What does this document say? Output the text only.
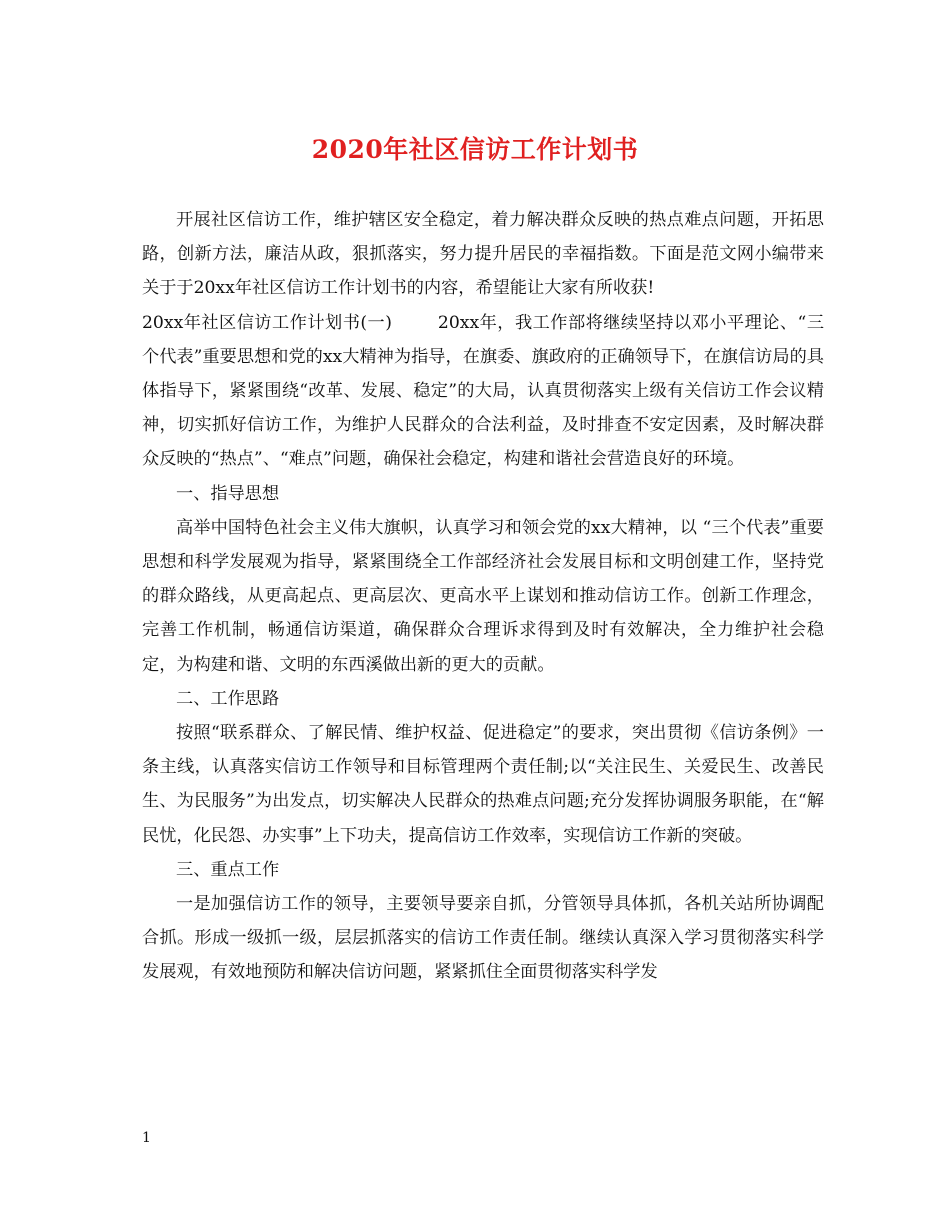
2020年社区信访工作计划书

开展社区信访工作，维护辖区安全稳定，着力解决群众反映的热点难点问题，开拓思路，创新方法，廉洁从政，狠抓落实，努力提升居民的幸福指数。下面是范文网小编带来关于于20xx年社区信访工作计划书的内容，希望能让大家有所收获!

20xx年社区信访工作计划书(一)	20xx年，我工作部将继续坚持以邓小平理论、“三个代表”重要思想和党的xx大精神为指导，在旗委、旗政府的正确领导下，在旗信访局的具体指导下，紧紧围绕“改革、发展、稳定”的大局，认真贯彻落实上级有关信访工作会议精神，切实抓好信访工作，为维护人民群众的合法利益，及时排查不安定因素，及时解决群众反映的“热点”、“难点”问题，确保社会稳定，构建和谐社会营造良好的环境。

一、指导思想

高举中国特色社会主义伟大旗帜，认真学习和领会党的xx大精神，以 “三个代表”重要思想和科学发展观为指导，紧紧围绕全工作部经济社会发展目标和文明创建工作，坚持党的群众路线，从更高起点、更高层次、更高水平上谋划和推动信访工作。创新工作理念，完善工作机制，畅通信访渠道，确保群众合理诉求得到及时有效解决，全力维护社会稳定，为构建和谐、文明的东西溪做出新的更大的贡献。

二、工作思路

按照“联系群众、了解民情、维护权益、促进稳定”的要求，突出贯彻《信访条例》一条主线，认真落实信访工作领导和目标管理两个责任制;以“关注民生、关爱民生、改善民生、为民服务”为出发点，切实解决人民群众的热难点问题;充分发挥协调服务职能，在“解民忧，化民怨、办实事”上下功夫，提高信访工作效率，实现信访工作新的突破。

三、重点工作

一是加强信访工作的领导，主要领导要亲自抓，分管领导具体抓，各机关站所协调配合抓。形成一级抓一级，层层抓落实的信访工作责任制。继续认真深入学习贯彻落实科学发展观，有效地预防和解决信访问题，紧紧抓住全面贯彻落实科学发

1
